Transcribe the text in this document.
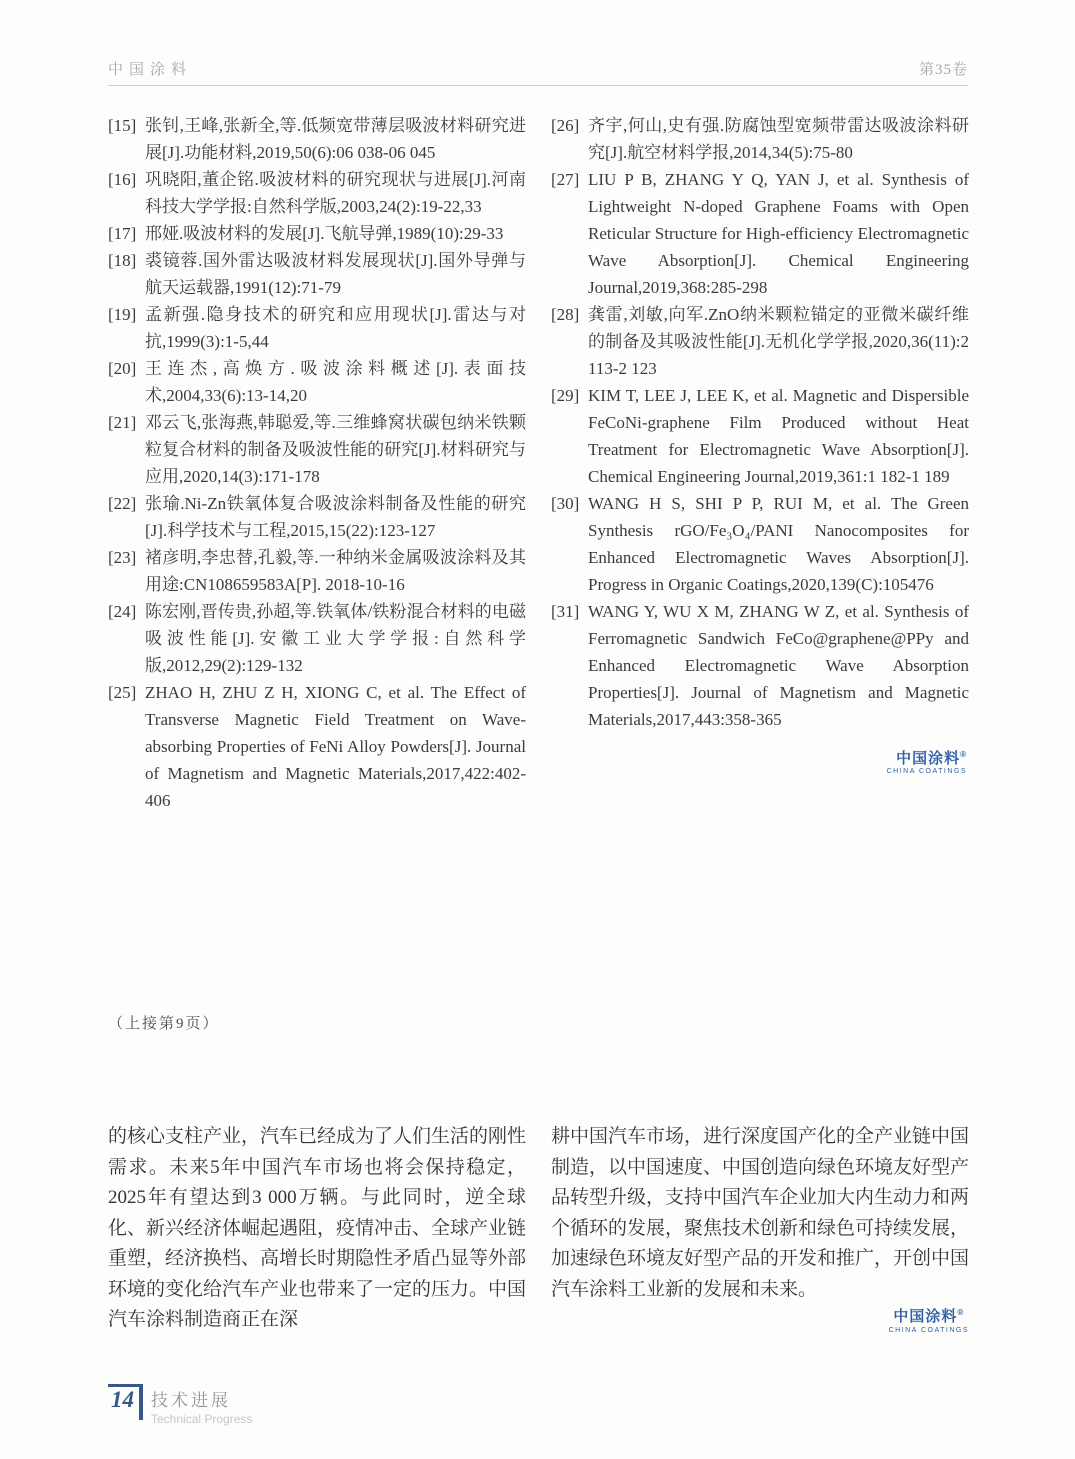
中国涂料	第35卷
[15] 张钊,王峰,张新全,等.低频宽带薄层吸波材料研究进展[J].功能材料,2019,50(6):06 038-06 045
[16] 巩晓阳,董企铭.吸波材料的研究现状与进展[J].河南科技大学学报:自然科学版,2003,24(2):19-22,33
[17] 邢娅.吸波材料的发展[J].飞航导弹,1989(10):29-33
[18] 裘镜蓉.国外雷达吸波材料发展现状[J].国外导弹与航天运载器,1991(12):71-79
[19] 孟新强.隐身技术的研究和应用现状[J].雷达与对抗,1999(3):1-5,44
[20] 王连杰,高焕方.吸波涂料概述[J].表面技术,2004,33(6):13-14,20
[21] 邓云飞,张海燕,韩聪爱,等.三维蜂窝状碳包纳米铁颗粒复合材料的制备及吸波性能的研究[J].材料研究与应用,2020,14(3):171-178
[22] 张瑜.Ni-Zn铁氧体复合吸波涂料制备及性能的研究[J].科学技术与工程,2015,15(22):123-127
[23] 褚彦明,李忠替,孔毅,等.一种纳米金属吸波涂料及其用途:CN108659583A[P]. 2018-10-16
[24] 陈宏刚,晋传贵,孙超,等.铁氧体/铁粉混合材料的电磁吸波性能[J].安徽工业大学学报:自然科学版,2012,29(2):129-132
[25] ZHAO H, ZHU Z H, XIONG C, et al. The Effect of Transverse Magnetic Field Treatment on Wave-absorbing Properties of FeNi Alloy Powders[J]. Journal of Magnetism and Magnetic Materials,2017,422:402-406
[26] 齐宇,何山,史有强.防腐蚀型宽频带雷达吸波涂料研究[J].航空材料学报,2014,34(5):75-80
[27] LIU P B, ZHANG Y Q, YAN J, et al. Synthesis of Lightweight N-doped Graphene Foams with Open Reticular Structure for High-efficiency Electromagnetic Wave Absorption[J]. Chemical Engineering Journal,2019,368:285-298
[28] 龚雷,刘敏,向军.ZnO纳米颗粒锚定的亚微米碳纤维的制备及其吸波性能[J].无机化学学报,2020,36(11):2 113-2 123
[29] KIM T, LEE J, LEE K, et al. Magnetic and Dispersible FeCoNi-graphene Film Produced without Heat Treatment for Electromagnetic Wave Absorption[J]. Chemical Engineering Journal,2019,361:1 182-1 189
[30] WANG H S, SHI P P, RUI M, et al. The Green Synthesis rGO/Fe₃O₄/PANI Nanocomposites for Enhanced Electromagnetic Waves Absorption[J]. Progress in Organic Coatings,2020,139(C):105476
[31] WANG Y, WU X M, ZHANG W Z, et al. Synthesis of Ferromagnetic Sandwich FeCo@graphene@PPy and Enhanced Electromagnetic Wave Absorption Properties[J]. Journal of Magnetism and Magnetic Materials,2017,443:358-365
中国涂料®
CHINA COATINGS
（上接第9页）
的核心支柱产业，汽车已经成为了人们生活的刚性需求。未来5年中国汽车市场也将会保持稳定，2025年有望达到3 000万辆。与此同时，逆全球化、新兴经济体崛起遇阻，疫情冲击、全球产业链重塑，经济换档、高增长时期隐性矛盾凸显等外部环境的变化给汽车产业也带来了一定的压力。中国汽车涂料制造商正在深
耕中国汽车市场，进行深度国产化的全产业链中国制造，以中国速度、中国创造向绿色环境友好型产品转型升级，支持中国汽车企业加大内生动力和两个循环的发展，聚焦技术创新和绿色可持续发展，加速绿色环境友好型产品的开发和推广，开创中国汽车涂料工业新的发展和未来。
中国涂料®
CHINA COATINGS
14	技术进展
Technical Progress
